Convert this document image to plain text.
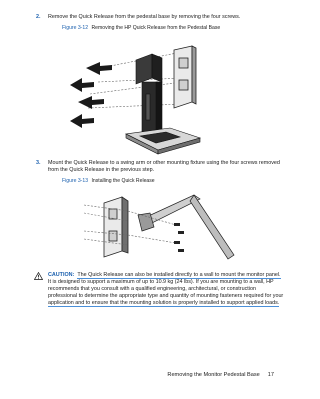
2. Remove the Quick Release from the pedestal base by removing the four screws.
Figure 3-12 Removing the HP Quick Release from the Pedestal Base
3. Mount the Quick Release to a swing arm or other mounting fixture using the four screws removed
from the Quick Release in the previous step.
Figure 3-13 Installing the Quick Release
CAUTION: The Quick Release can also be installed directly to a wall to mount the monitor panel.
It is designed to support a maximum of up to 10.9 kg (24 lbs). If you are mounting to a wall, HP
recommends that you consult with a qualified engineering, architectural, or construction
professional to determine the appropriate type and quantity of mounting fasteners required for your
application and to ensure that the mounting solution is properly installed to support applied loads.
Removing the Monitor Pedestal Base 17
